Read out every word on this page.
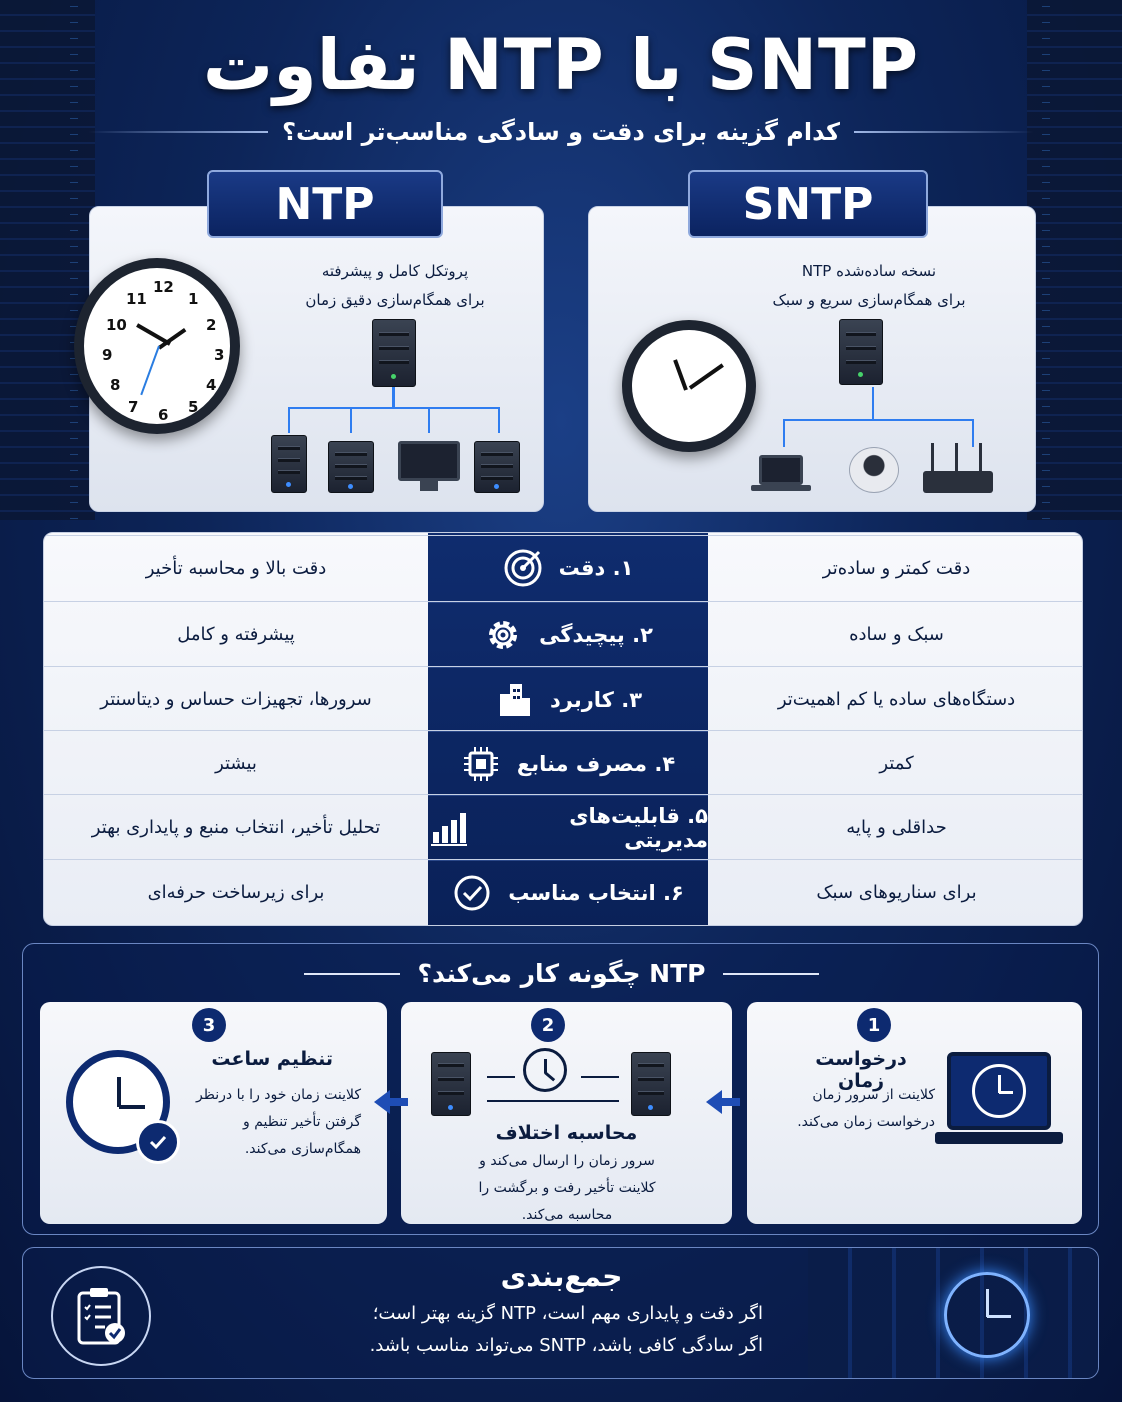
تفاوت NTP با SNTP
کدام گزینه برای دقت و سادگی مناسب‌تر است؟
پروتکل کامل و پیشرفته
برای همگام‌سازی دقیق زمان
NTP
12
1
2
3
4
5
6
7
8
9
10
11
نسخه ساده‌شده NTP
برای همگام‌سازی سریع و سبک
SNTP
دقت کمتر و ساده‌تر
۱. دقت
دقت بالا و محاسبه تأخیر
سبک و ساده
۲. پیچیدگی
پیشرفته و کامل
دستگاه‌های ساده یا کم اهمیت‌تر
۳. کاربرد
سرورها، تجهیزات حساس و دیتاسنتر
کمتر
۴. مصرف منابع
بیشتر
حداقلی و پایه
۵. قابلیت‌های مدیریتی
تحلیل تأخیر، انتخاب منبع و پایداری بهتر
برای سناریوهای سبک
۶. انتخاب مناسب
برای زیرساخت حرفه‌ای
NTP چگونه کار می‌کند؟
3
تنظیم ساعت
کلاینت زمان خود را با درنظر
گرفتن تأخیر تنظیم و
همگام‌سازی می‌کند.
2
محاسبه اختلاف
سرور زمان را ارسال می‌کند و
کلاینت تأخیر رفت و برگشت را
محاسبه می‌کند.
1
درخواست زمان
کلاینت از سرور زمان
درخواست زمان می‌کند.
جمع‌بندی
اگر دقت و پایداری مهم است، NTP گزینه بهتر است؛
اگر سادگی کافی باشد، SNTP می‌تواند مناسب باشد.
